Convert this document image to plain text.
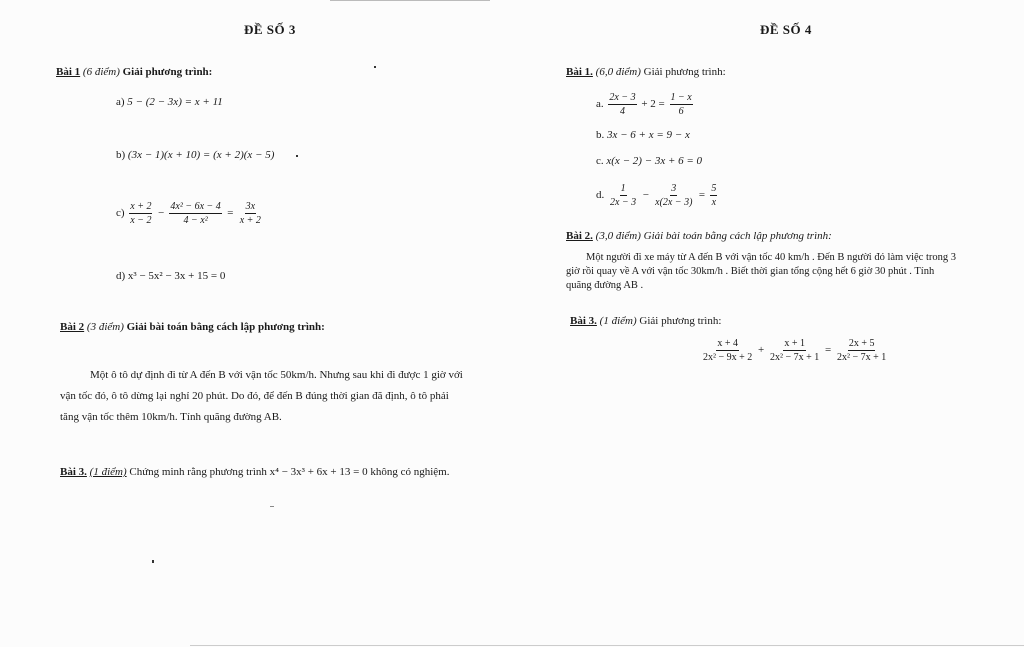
ĐỀ SỐ 3
Bài 1 (6 điểm) Giải phương trình:
a) 5 − (2 − 3x) = x + 11
b) (3x − 1)(x + 10) = (x + 2)(x − 5)
$c) \frac{x + 2}{x - 2} - \frac{\text{4x² − 6x − 4}}{\text{4 − x²}} = \frac{3x}{x + 2}$
d) x³ − 5x² − 3x + 15 = 0
Bài 2 (3 điểm) Giải bài toán bằng cách lập phương trình:
Một ô tô dự định đi từ A đến B với vận tốc 50km/h. Nhưng sau khi đi được 1 giờ với
vận tốc đó, ô tô dừng lại nghỉ 20 phút. Do đó, để đến B đúng thời gian đã định, ô tô phải
tăng vận tốc thêm 10km/h. Tính quãng đường AB.
Bài 3. (1 điểm) Chứng minh rằng phương trình x⁴ − 3x³ + 6x + 13 = 0 không có nghiệm.
ĐỀ SỐ 4
Bài 1. (6,0 điểm) Giải phương trình:
a. $\frac{2x - 3}{4} + 2 = \frac{1 - x}{6}$
b. 3x − 6 + x = 9 − x
c. x(x − 2) − 3x + 6 = 0
d. $\frac{1}{2x - 3} - \frac{3}{x(2x - 3)} = \frac{5}{x}$
Bài 2. (3,0 điểm) Giải bài toán bằng cách lập phương trình:
Một người đi xe máy từ A đến B với vận tốc 40 km/h . Đến B người đó làm việc trong 3
giờ rồi quay về A với vận tốc 30km/h . Biết thời gian tổng cộng hết 6 giờ 30 phút . Tính
quãng đường AB .
Bài 3. (1 điểm) Giải phương trình:
$\frac{x + 4}{\text{2x² − 9x + 2}} + \frac{x + 1}{\text{2x² − 7x + 1}} = \frac{2x + 5}{\text{2x² − 7x + 1}}$
